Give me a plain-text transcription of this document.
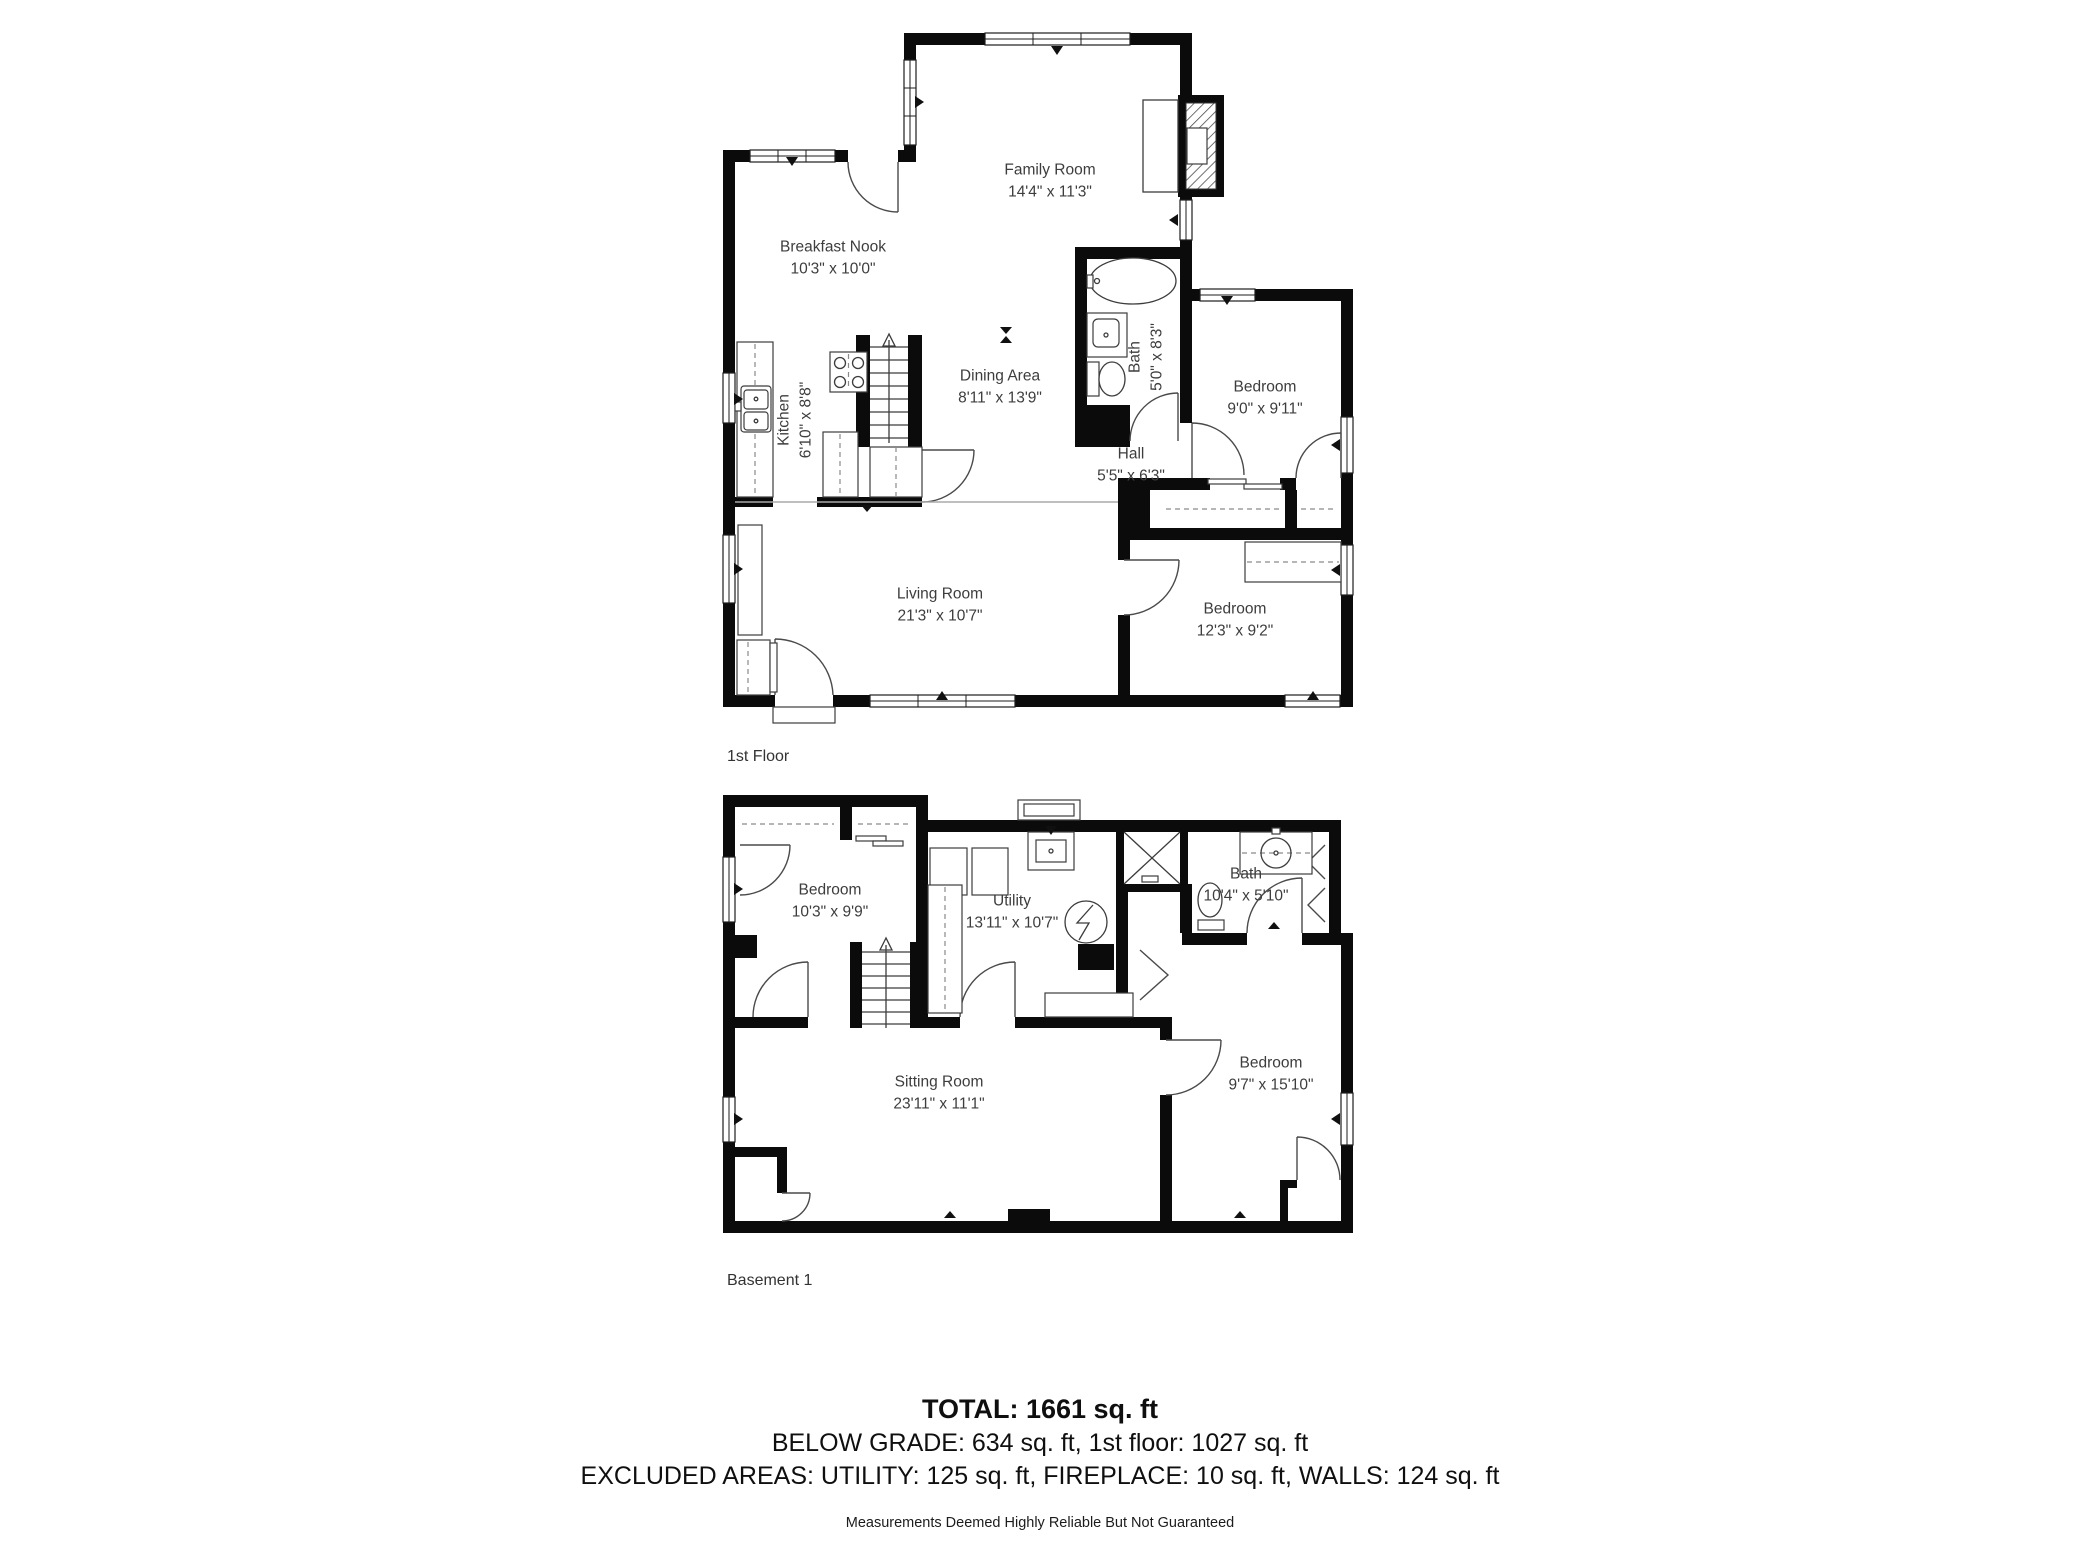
Family Room
14'4" x 11'3"
Breakfast Nook
10'3" x 10'0"
Kitchen 6'10" x 8'8"
Dining Area
8'11" x 13'9"
Bath 5'0" x 8'3"
Hall
5'5" x 6'3"
Bedroom
9'0" x 9'11"
Living Room
21'3" x 10'7"	Bedroom
12'3" x 9'2"
1st Floor
Bedroom
10'3" x 9'9"
Utility
13'11" x 10'7"
Bath
10'4" x 5'10"
Sitting Room
23'11" x 11'1"
Bedroom
9'7" x 15'10"
Basement 1
TOTAL: 1661 sq. ft
BELOW GRADE: 634 sq. ft, 1st floor: 1027 sq. ft
EXCLUDED AREAS: UTILITY: 125 sq. ft, FIREPLACE: 10 sq. ft, WALLS: 124 sq. ft
Measurements Deemed Highly Reliable But Not Guaranteed
